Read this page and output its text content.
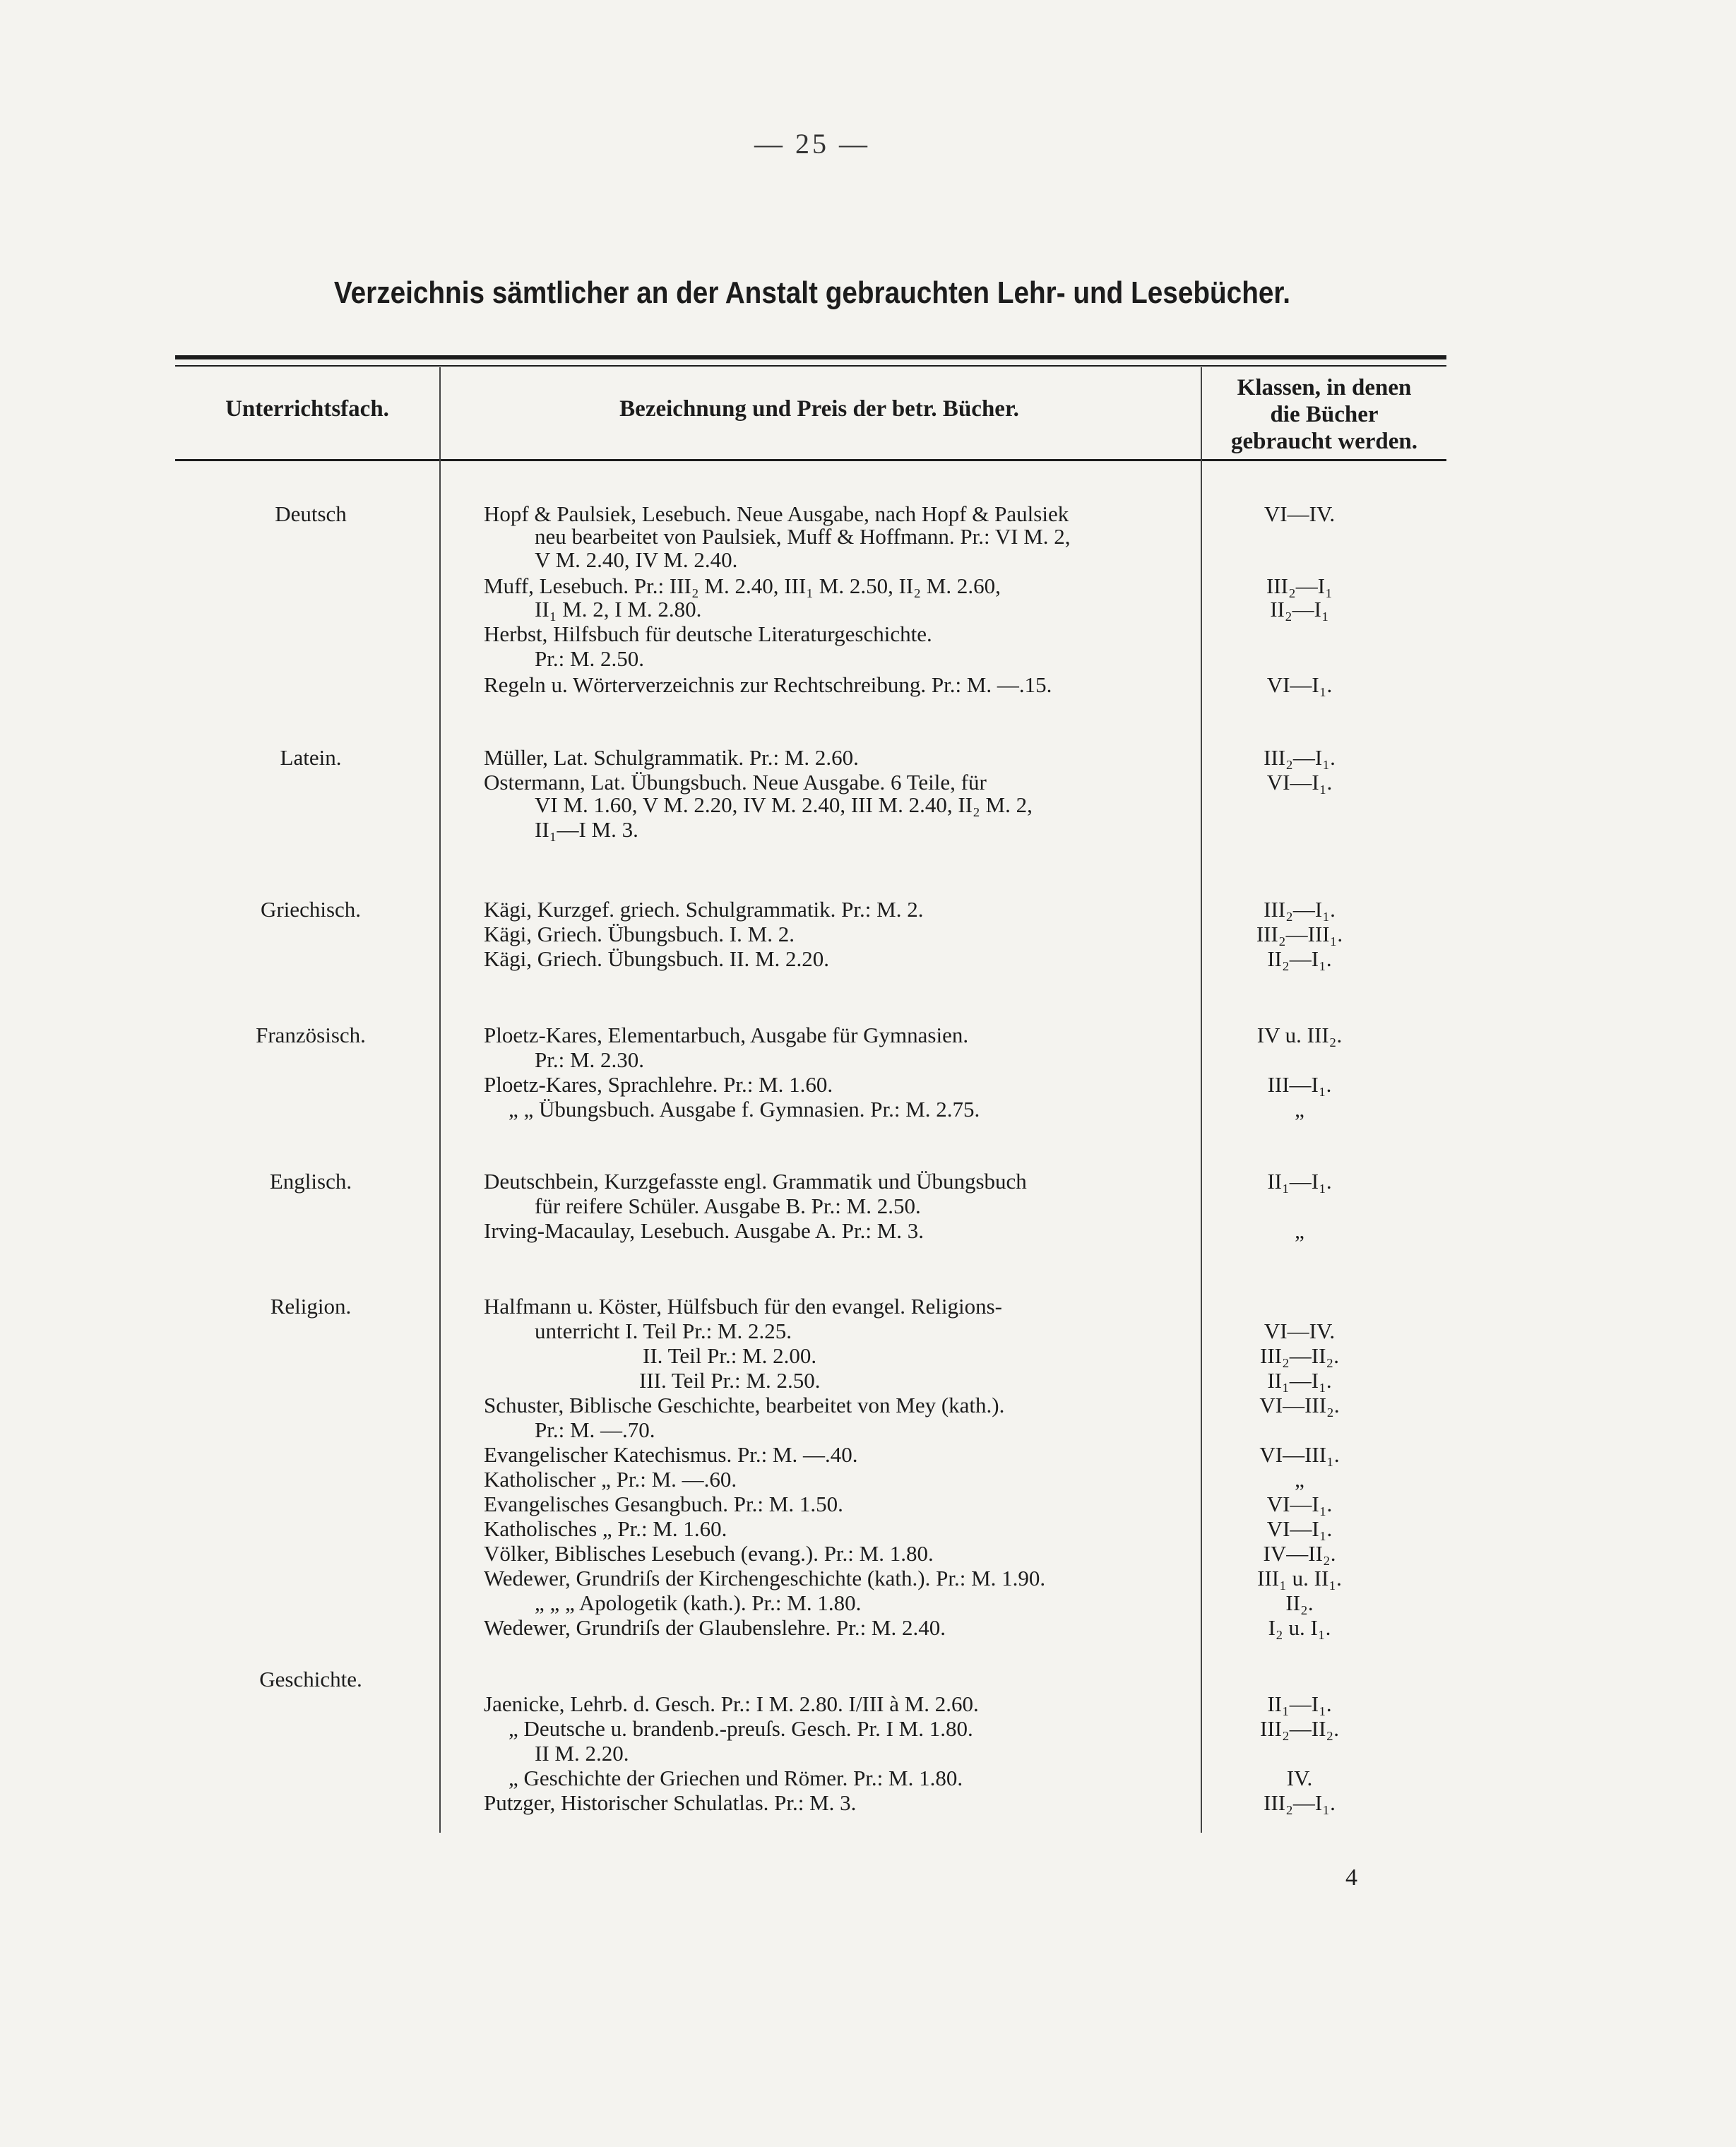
— 25 —
Verzeichnis sämtlicher an der Anstalt gebrauchten Lehr- und Lesebücher.
Unterrichtsfach.	Bezeichnung und Preis der betr. Bücher.
Klassen, in denen
die Bücher
gebraucht werden.
Deutsch
Latein.
Griechisch.
Französisch.
Englisch.
Religion.
Geschichte.
Hopf & Paulsiek, Lesebuch. Neue Ausgabe, nach Hopf & Paulsiek
neu bearbeitet von Paulsiek, Muff & Hoffmann. Pr.: VI M. 2,
V M. 2.40, IV M. 2.40.
Muff, Lesebuch. Pr.: III₂ M. 2.40, III₁ M. 2.50, II₂ M. 2.60,
II₁ M. 2, I M. 2.80.
Herbst, Hilfsbuch für deutsche Literaturgeschichte.
Pr.: M. 2.50.
Regeln u. Wörterverzeichnis zur Rechtschreibung. Pr.: M. —.15.
Müller, Lat. Schulgrammatik. Pr.: M. 2.60.
Ostermann, Lat. Übungsbuch. Neue Ausgabe. 6 Teile, für
VI M. 1.60, V M. 2.20, IV M. 2.40, III M. 2.40, II₂ M. 2,
II₁—I M. 3.
Kägi, Kurzgef. griech. Schulgrammatik. Pr.: M. 2.
Kägi, Griech. Übungsbuch. I. M. 2.
Kägi, Griech. Übungsbuch. II. M. 2.20.
Ploetz-Kares, Elementarbuch, Ausgabe für Gymnasien.
Pr.: M. 2.30.
Ploetz-Kares, Sprachlehre. Pr.: M. 1.60.
„ „ Übungsbuch. Ausgabe f. Gymnasien. Pr.: M. 2.75.
Deutschbein, Kurzgefasste engl. Grammatik und Übungsbuch
für reifere Schüler. Ausgabe B. Pr.: M. 2.50.
Irving-Macaulay, Lesebuch. Ausgabe A. Pr.: M. 3.
Halfmann u. Köster, Hülfsbuch für den evangel. Religions-
unterricht I. Teil Pr.: M. 2.25.
II. Teil Pr.: M. 2.00.
III. Teil Pr.: M. 2.50.
Schuster, Biblische Geschichte, bearbeitet von Mey (kath.).
Pr.: M. —.70.
Evangelischer Katechismus. Pr.: M. —.40.
Katholischer „ Pr.: M. —.60.
Evangelisches Gesangbuch. Pr.: M. 1.50.
Katholisches „ Pr.: M. 1.60.
Völker, Biblisches Lesebuch (evang.). Pr.: M. 1.80.
Wedewer, Grundriſs der Kirchengeschichte (kath.). Pr.: M. 1.90.
„ „ „ Apologetik (kath.). Pr.: M. 1.80.
Wedewer, Grundriſs der Glaubenslehre. Pr.: M. 2.40.
Jaenicke, Lehrb. d. Gesch. Pr.: I M. 2.80. I/III à M. 2.60.
„ Deutsche u. brandenb.-preuſs. Gesch. Pr. I M. 1.80.
II M. 2.20.
„ Geschichte der Griechen und Römer. Pr.: M. 1.80.
Putzger, Historischer Schulatlas. Pr.: M. 3.
VI—IV.
III₂—I₁
II₂—I₁
VI—I₁.
III₂—I₁.
VI—I₁.
III₂—I₁.
III₂—III₁.
II₂—I₁.
IV u. III₂.
III—I₁.
„
II₁—I₁.
„
VI—IV.
III₂—II₂.
II₁—I₁.
VI—III₂.
VI—III₁.
„
VI—I₁.
VI—I₁.
IV—II₂.
III₁ u. II₁.
II₂.
I₂ u. I₁.
II₁—I₁.
III₂—II₂.
IV.
III₂—I₁.
4
